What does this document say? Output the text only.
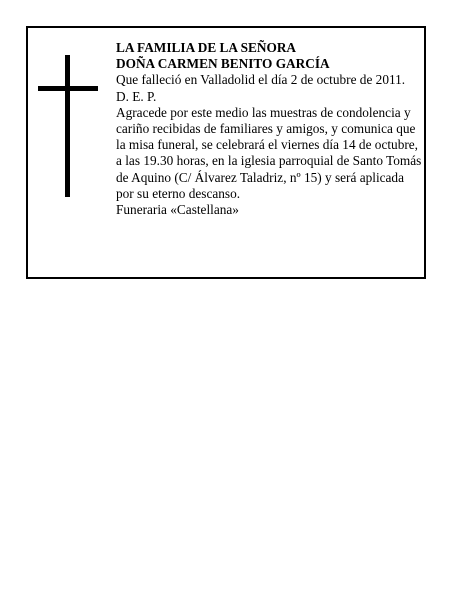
LA FAMILIA DE LA SEÑORA

DOÑA CARMEN BENITO GARCÍA

Que falleció en Valladolid el día 2 de octubre de 2011.

D. E. P.

Agracede por este medio las muestras de condolencia y cariño recibidas de familiares y amigos, y comunica que la misa funeral, se celebrará el viernes día 14 de octubre, a las 19.30 horas, en la iglesia parroquial de Santo Tomás de Aquino (C/ Álvarez Taladriz, nº 15) y será aplicada por su eterno descanso.

Funeraria «Castellana»
